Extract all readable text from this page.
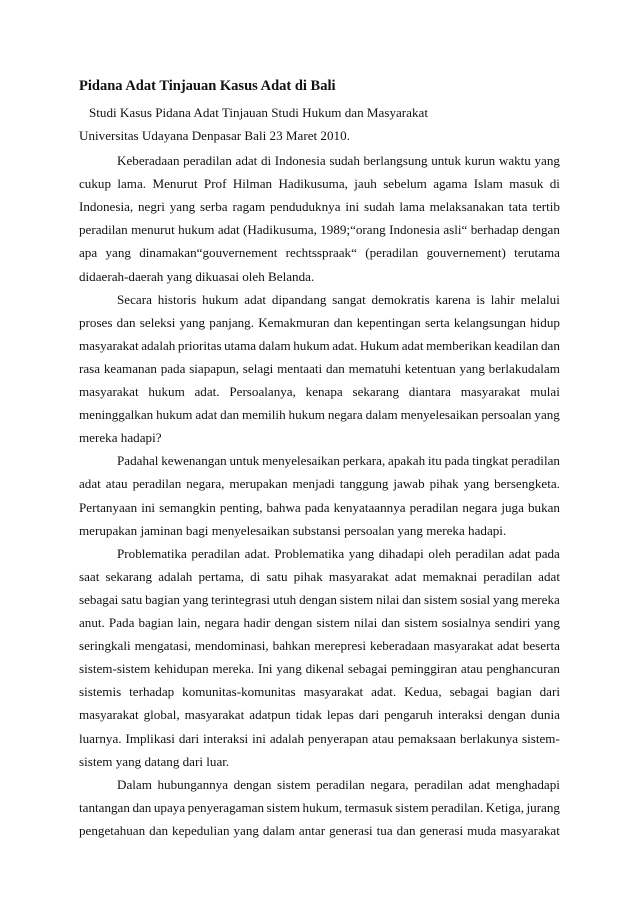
Pidana Adat Tinjauan Kasus Adat di Bali
Studi Kasus Pidana Adat Tinjauan Studi Hukum dan Masyarakat
Universitas Udayana Denpasar Bali 23 Maret 2010.
Keberadaan peradilan adat di Indonesia sudah berlangsung untuk kurun waktu yang
cukup lama. Menurut Prof Hilman Hadikusuma, jauh sebelum agama Islam masuk di
Indonesia, negri yang serba ragam penduduknya ini sudah lama melaksanakan tata tertib
peradilan menurut hukum adat (Hadikusuma, 1989;“orang Indonesia asli“ berhadap dengan
apa yang dinamakan“gouvernement rechtsspraak“ (peradilan gouvernement) terutama
didaerah-daerah yang dikuasai oleh Belanda.
Secara historis hukum adat dipandang sangat demokratis karena is lahir melalui
proses dan seleksi yang panjang. Kemakmuran dan kepentingan serta kelangsungan hidup
masyarakat adalah prioritas utama dalam hukum adat. Hukum adat memberikan keadilan dan
rasa keamanan pada siapapun, selagi mentaati dan mematuhi ketentuan yang berlakudalam
masyarakat hukum adat. Persoalanya, kenapa sekarang diantara masyarakat mulai
meninggalkan hukum adat dan memilih hukum negara dalam menyelesaikan persoalan yang
mereka hadapi?
Padahal kewenangan untuk menyelesaikan perkara, apakah itu pada tingkat peradilan
adat atau peradilan negara, merupakan menjadi tanggung jawab pihak yang bersengketa.
Pertanyaan ini semangkin penting, bahwa pada kenyataannya peradilan negara juga bukan
merupakan jaminan bagi menyelesaikan substansi persoalan yang mereka hadapi.
Problematika peradilan adat. Problematika yang dihadapi oleh peradilan adat pada
saat sekarang adalah pertama, di satu pihak masyarakat adat memaknai peradilan adat
sebagai satu bagian yang terintegrasi utuh dengan sistem nilai dan sistem sosial yang mereka
anut. Pada bagian lain, negara hadir dengan sistem nilai dan sistem sosialnya sendiri yang
seringkali mengatasi, mendominasi, bahkan merepresi keberadaan masyarakat adat beserta
sistem-sistem kehidupan mereka. Ini yang dikenal sebagai peminggiran atau penghancuran
sistemis terhadap komunitas-komunitas masyarakat adat. Kedua, sebagai bagian dari
masyarakat global, masyarakat adatpun tidak lepas dari pengaruh interaksi dengan dunia
luarnya. Implikasi dari interaksi ini adalah penyerapan atau pemaksaan berlakunya sistem-
sistem yang datang dari luar.
Dalam hubungannya dengan sistem peradilan negara, peradilan adat menghadapi
tantangan dan upaya penyeragaman sistem hukum, termasuk sistem peradilan. Ketiga, jurang
pengetahuan dan kepedulian yang dalam antar generasi tua dan generasi muda masyarakat
